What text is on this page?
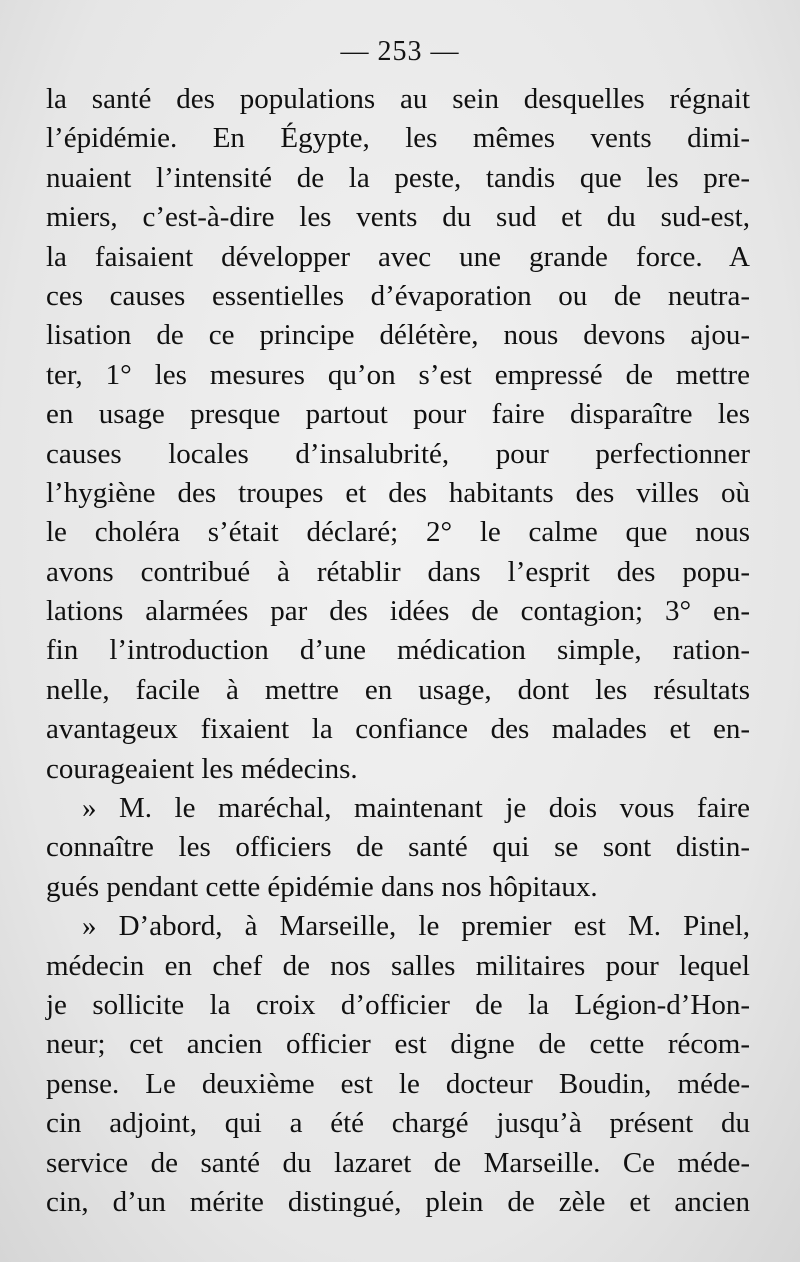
— 253 —
la santé des populations au sein desquelles régnait
l’épidémie. En Égypte, les mêmes vents dimi-
nuaient l’intensité de la peste, tandis que les pre-
miers, c’est-à-dire les vents du sud et du sud-est,
la faisaient développer avec une grande force. A
ces causes essentielles d’évaporation ou de neutra-
lisation de ce principe délétère, nous devons ajou-
ter, 1° les mesures qu’on s’est empressé de mettre
en usage presque partout pour faire disparaître les
causes locales d’insalubrité, pour perfectionner
l’hygiène des troupes et des habitants des villes où
le choléra s’était déclaré; 2° le calme que nous
avons contribué à rétablir dans l’esprit des popu-
lations alarmées par des idées de contagion; 3° en-
fin l’introduction d’une médication simple, ration-
nelle, facile à mettre en usage, dont les résultats
avantageux fixaient la confiance des malades et en-
courageaient les médecins.
» M. le maréchal, maintenant je dois vous faire
connaître les officiers de santé qui se sont distin-
gués pendant cette épidémie dans nos hôpitaux.
» D’abord, à Marseille, le premier est M. Pinel,
médecin en chef de nos salles militaires pour lequel
je sollicite la croix d’officier de la Légion-d’Hon-
neur; cet ancien officier est digne de cette récom-
pense. Le deuxième est le docteur Boudin, méde-
cin adjoint, qui a été chargé jusqu’à présent du
service de santé du lazaret de Marseille. Ce méde-
cin, d’un mérite distingué, plein de zèle et ancien
